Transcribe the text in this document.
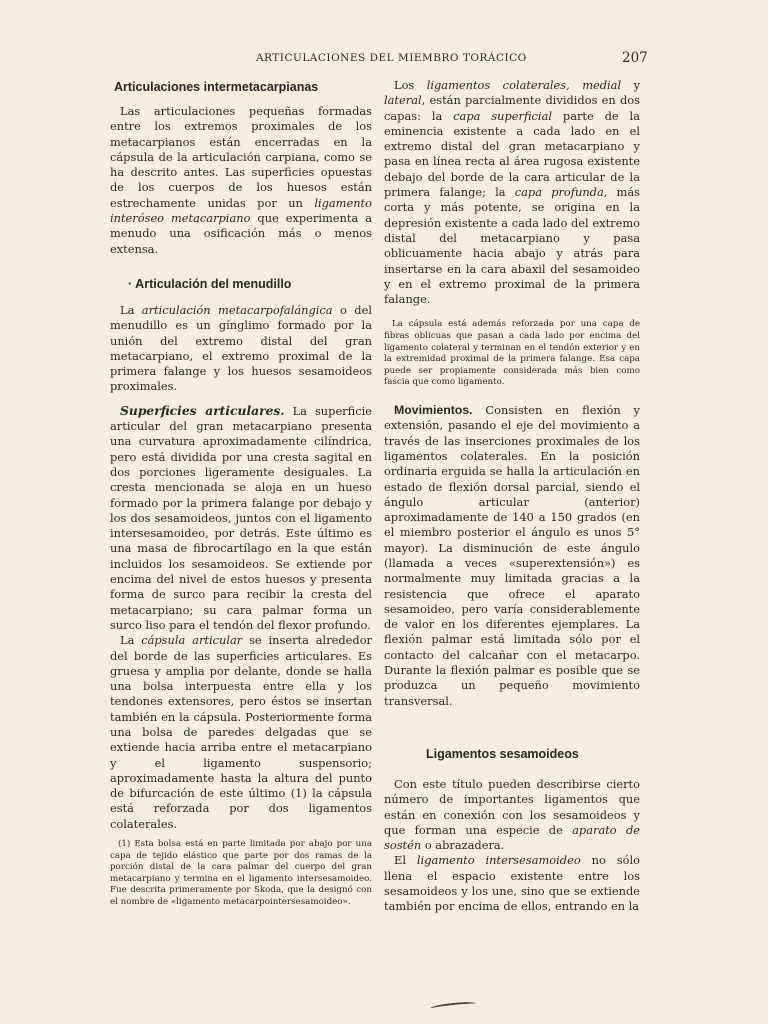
ARTICULACIONES DEL MIEMBRO TORÁCICO	207
Articulaciones intermetacarpianas

Las articulaciones pequeñas formadas entre los extremos proximales de los metacarpianos están encerradas en la cápsula de la articulación carpiana, como se ha descrito antes. Las superficies opuestas de los cuerpos de los huesos están estrechamente unidas por un ligamento interóseo metacarpiano que experimenta a menudo una osificación más o menos extensa.

· Articulación del menudillo

La articulación metacarpofalángica o del menudillo es un gínglimo formado por la unión del extremo distal del gran metacarpiano, el extremo proximal de la primera falange y los huesos sesamoideos proximales.

Superficies articulares. La superficie articular del gran metacarpiano presenta una curvatura aproximadamente cilíndrica, pero está dividida por una cresta sagital en dos porciones ligeramente desiguales. La cresta mencionada se aloja en un hueso formado por la primera falange por debajo y los dos sesamoideos, juntos con el ligamento intersesamoideo, por detrás. Este último es una masa de fibrocartílago en la que están incluidos los sesamoideos. Se extiende por encima del nivel de estos huesos y presenta forma de surco para recibir la cresta del metacarpiano; su cara palmar forma un surco liso para el tendón del flexor profundo.

La cápsula articular se inserta alrededor del borde de las superficies articulares. Es gruesa y amplia por delante, donde se halla una bolsa interpuesta entre ella y los tendones extensores, pero éstos se insertan también en la cápsula. Posteriormente forma una bolsa de paredes delgadas que se extiende hacia arriba entre el metacarpiano y el ligamento suspensorio; aproximadamente hasta la altura del punto de bifurcación de este último (1) la cápsula está reforzada por dos ligamentos colaterales.

(1) Esta bolsa está en parte limitada por abajo por una capa de tejido elástico que parte por dos ramas de la porción distal de la cara palmar del cuerpo del gran metacarpiano y termina en el ligamento intersesamoideo. Fue descrita primeramente por Skoda, que la designó con el nombre de «ligamento metacarpointersesamoideo».

Los ligamentos colaterales, medial y lateral, están parcialmente divididos en dos capas: la capa superficial parte de la eminencia existente a cada lado en el extremo distal del gran metacarpiano y pasa en línea recta al área rugosa existente debajo del borde de la cara articular de la primera falange; la capa profunda, más corta y más potente, se origina en la depresión existente a cada lado del extremo distal del metacarpiano y pasa oblicuamente hacia abajo y atrás para insertarse en la cara abaxil del sesamoideo y en el extremo proximal de la primera falange.

La cápsula está además reforzada por una capa de fibras oblicuas que pasan a cada lado por encima del ligamento colateral y terminan en el tendón exterior y en la extremidad proximal de la primera falange. Esa capa puede ser propiamente considerada más bien como fascia que como ligamento.

Movimientos. Consisten en flexión y extensión, pasando el eje del movimiento a través de las inserciones proximales de los ligamentos colaterales. En la posición ordinaria erguida se halla la articulación en estado de flexión dorsal parcial, siendo el ángulo articular (anterior) aproximadamente de 140 a 150 grados (en el miembro posterior el ángulo es unos 5° mayor). La disminución de este ángulo (llamada a veces «superextensión») es normalmente muy limitada gracias a la resistencia que ofrece el aparato sesamoideo, pero varía considerablemente de valor en los diferentes ejemplares. La flexión palmar está limitada sólo por el contacto del calcañar con el metacarpo. Durante la flexión palmar es posible que se produzca un pequeño movimiento transversal.

Ligamentos sesamoideos

Con este título pueden describirse cierto número de importantes ligamentos que están en conexión con los sesamoideos y que forman una especie de aparato de sostén o abrazadera.

El ligamento intersesamoideo no sólo llena el espacio existente entre los sesamoideos y los une, sino que se extiende también por encima de ellos, entrando en la
